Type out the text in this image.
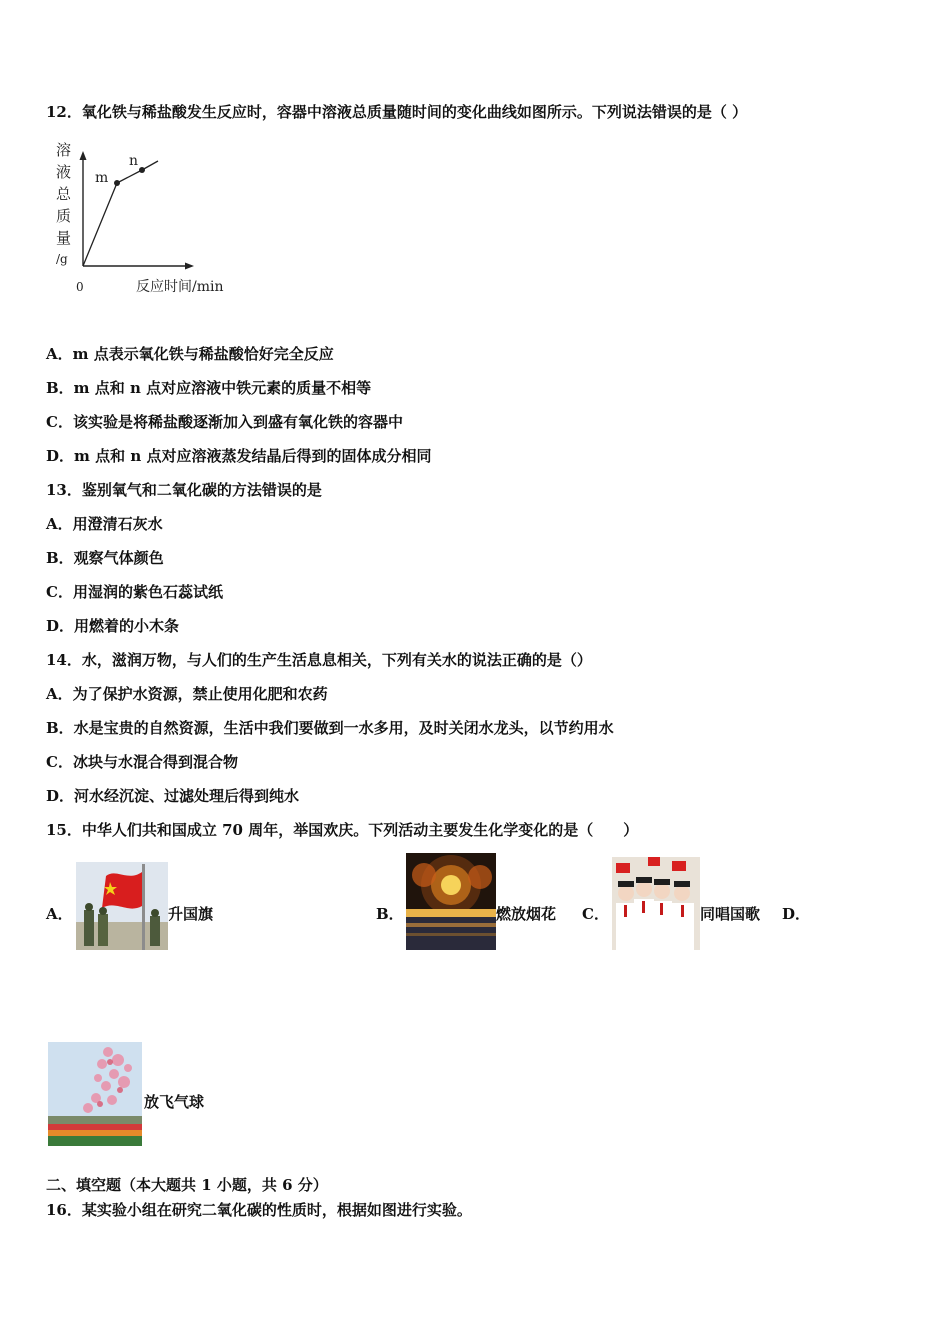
12．氧化铁与稀盐酸发生反应时，容器中溶液总质量随时间的变化曲线如图所示。下列说法错误的是（ ）
溶
液
总
质
量
/g
m
n
0	反应时间/min
A．m 点表示氧化铁与稀盐酸恰好完全反应
B．m 点和 n 点对应溶液中铁元素的质量不相等
C．该实验是将稀盐酸逐渐加入到盛有氧化铁的容器中
D．m 点和 n 点对应溶液蒸发结晶后得到的固体成分相同
13．鉴别氧气和二氧化碳的方法错误的是
A．用澄清石灰水
B．观察气体颜色
C．用湿润的紫色石蕊试纸
D．用燃着的小木条
14．水，滋润万物，与人们的生产生活息息相关，下列有关水的说法正确的是（）
A．为了保护水资源，禁止使用化肥和农药
B．水是宝贵的自然资源，生活中我们要做到一水多用，及时关闭水龙头，以节约用水
C．冰块与水混合得到混合物
D．河水经沉淀、过滤处理后得到纯水
15．中华人们共和国成立 70 周年，举国欢庆。下列活动主要发生化学变化的是（　　）
A．	升国旗	B．	燃放烟花 C．	同唱国歌 D．
放飞气球
二、填空题（本大题共 1 小题，共 6 分）
16．某实验小组在研究二氧化碳的性质时，根据如图进行实验。
